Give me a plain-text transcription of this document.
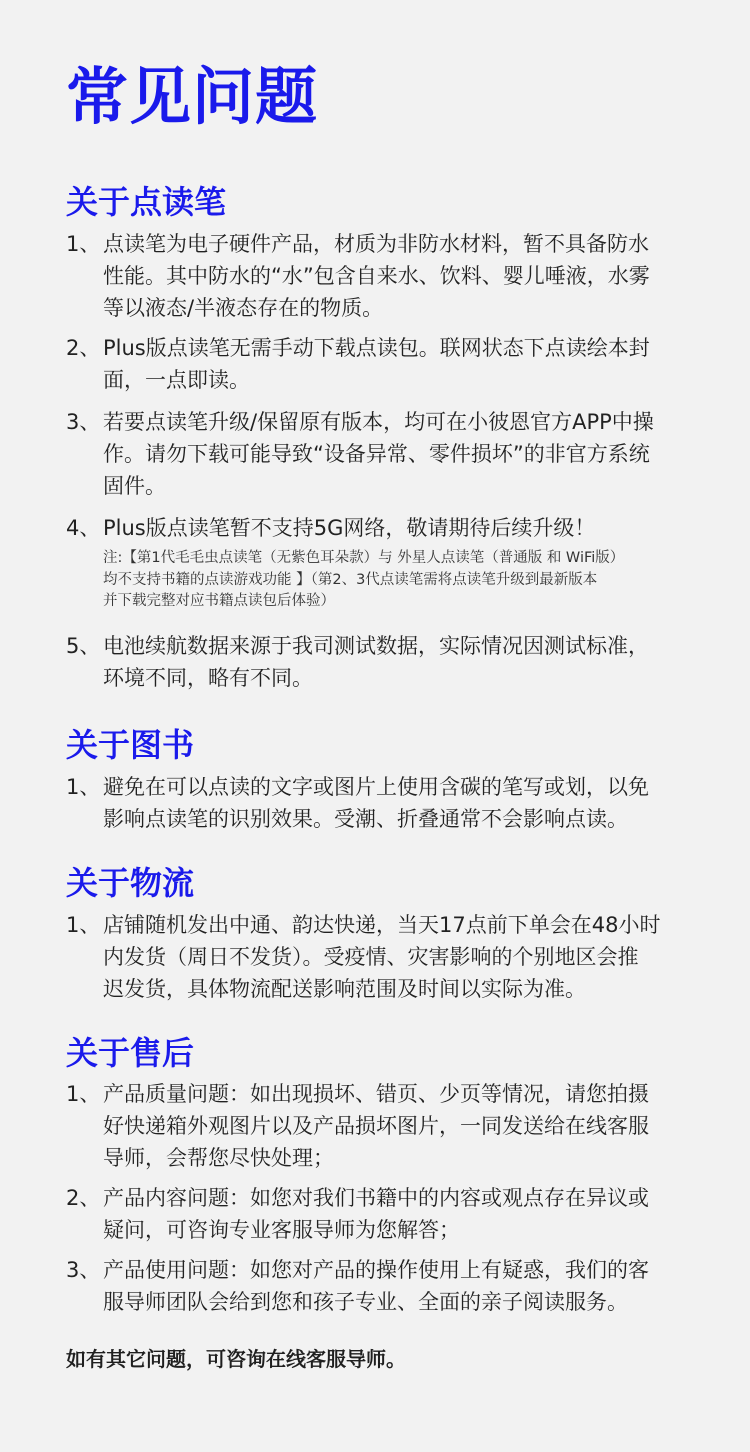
常见问题
关于点读笔
1、 点读笔为电子硬件产品，材质为非防水材料，暂不具备防水
性能。其中防水的“水”包含自来水、饮料、婴儿唾液，水雾
等以液态/半液态存在的物质。
2、 Plus版点读笔无需手动下载点读包。联网状态下点读绘本封
面，一点即读。
3、 若要点读笔升级/保留原有版本，均可在小彼恩官方APP中操
作。请勿下载可能导致“设备异常、零件损坏”的非官方系统
固件。
4、 Plus版点读笔暂不支持5G网络，敬请期待后续升级！
注:【第1代毛毛虫点读笔（无紫色耳朵款）与 外星人点读笔（普通版 和 WiFi版）
均不支持书籍的点读游戏功能 】（第2、3代点读笔需将点读笔升级到最新版本
并下载完整对应书籍点读包后体验）
5、 电池续航数据来源于我司测试数据，实际情况因测试标准，
环境不同，略有不同。
关于图书
1、 避免在可以点读的文字或图片上使用含碳的笔写或划，以免
影响点读笔的识别效果。受潮、折叠通常不会影响点读。
关于物流
1、 店铺随机发出中通、韵达快递，当天17点前下单会在48小时
内发货（周日不发货）。受疫情、灾害影响的个别地区会推
迟发货，具体物流配送影响范围及时间以实际为准。
关于售后
1、 产品质量问题：如出现损坏、错页、少页等情况，请您拍摄
好快递箱外观图片以及产品损坏图片，一同发送给在线客服
导师，会帮您尽快处理；
2、 产品内容问题：如您对我们书籍中的内容或观点存在异议或
疑问，可咨询专业客服导师为您解答；
3、 产品使用问题：如您对产品的操作使用上有疑惑，我们的客
服导师团队会给到您和孩子专业、全面的亲子阅读服务。
如有其它问题，可咨询在线客服导师。
